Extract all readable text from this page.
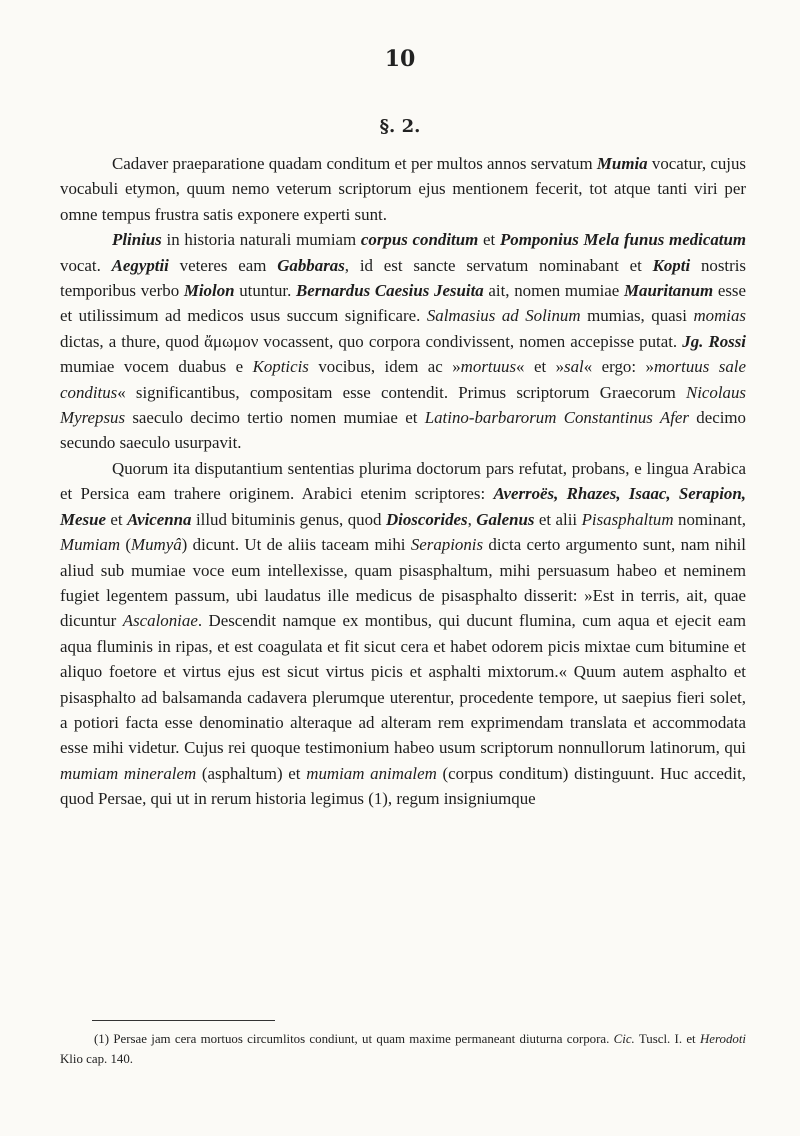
10
§. 2.

Cadaver praeparatione quadam conditum et per multos annos servatum Mumia vocatur, cujus vocabuli etymon, quum nemo veterum scriptorum ejus mentionem fecerit, tot atque tanti viri per omne tempus frustra satis exponere experti sunt.

Plinius in historia naturali mumiam corpus conditum et Pomponius Mela funus medicatum vocat. Aegyptii veteres eam Gabbaras, id est sancte servatum nominabant et Kopti nostris temporibus verbo Miolon utuntur. Bernardus Caesius Jesuita ait, nomen mumiae Mauritanum esse et utilissimum ad medicos usus succum significare. Salmasius ad Solinum mumias, quasi momias dictas, a thure, quod ἄμωμον vocassent, quo corpora condivissent, nomen accepisse putat. Jg. Rossi mumiae vocem duabus e Kopticis vocibus, idem ac »mortuus« et »sal« ergo: »mortuus sale conditus« significantibus, compositam esse contendit. Primus scriptorum Graecorum Nicolaus Myrepsus saeculo decimo tertio nomen mumiae et Latino-barbarorum Constantinus Afer decimo secundo saeculo usurpavit.

Quorum ita disputantium sententias plurima doctorum pars refutat, probans, e lingua Arabica et Persica eam trahere originem. Arabici etenim scriptores: Averroës, Rhazes, Isaac, Serapion, Mesue et Avicenna illud bituminis genus, quod Dioscorides, Galenus et alii Pisasphaltum nominant, Mumiam (Mumyâ) dicunt. Ut de aliis taceam mihi Serapionis dicta certo argumento sunt, nam nihil aliud sub mumiae voce eum intellexisse, quam pisasphaltum, mihi persuasum habeo et neminem fugiet legentem passum, ubi laudatus ille medicus de pisasphalto disserit: »Est in terris, ait, quae dicuntur Ascaloniae. Descendit namque ex montibus, qui ducunt flumina, cum aqua et ejecit eam aqua fluminis in ripas, et est coagulata et fit sicut cera et habet odorem picis mixtae cum bitumine et aliquo foetore et virtus ejus est sicut virtus picis et asphalti mixtorum.« Quum autem asphalto et pisasphalto ad balsamanda cadavera plerumque uterentur, procedente tempore, ut saepius fieri solet, a potiori facta esse denominatio alteraque ad alteram rem exprimendam translata et accommodata esse mihi videtur. Cujus rei quoque testimonium habeo usum scriptorum nonnullorum latinorum, qui mumiam mineralem (asphaltum) et mumiam animalem (corpus conditum) distinguunt. Huc accedit, quod Persae, qui ut in rerum historia legimus (1), regum insigniumque

(1) Persae jam cera mortuos circumlitos condiunt, ut quam maxime permaneant diuturna corpora. Cic. Tuscl. I. et Herodoti Klio cap. 140.
